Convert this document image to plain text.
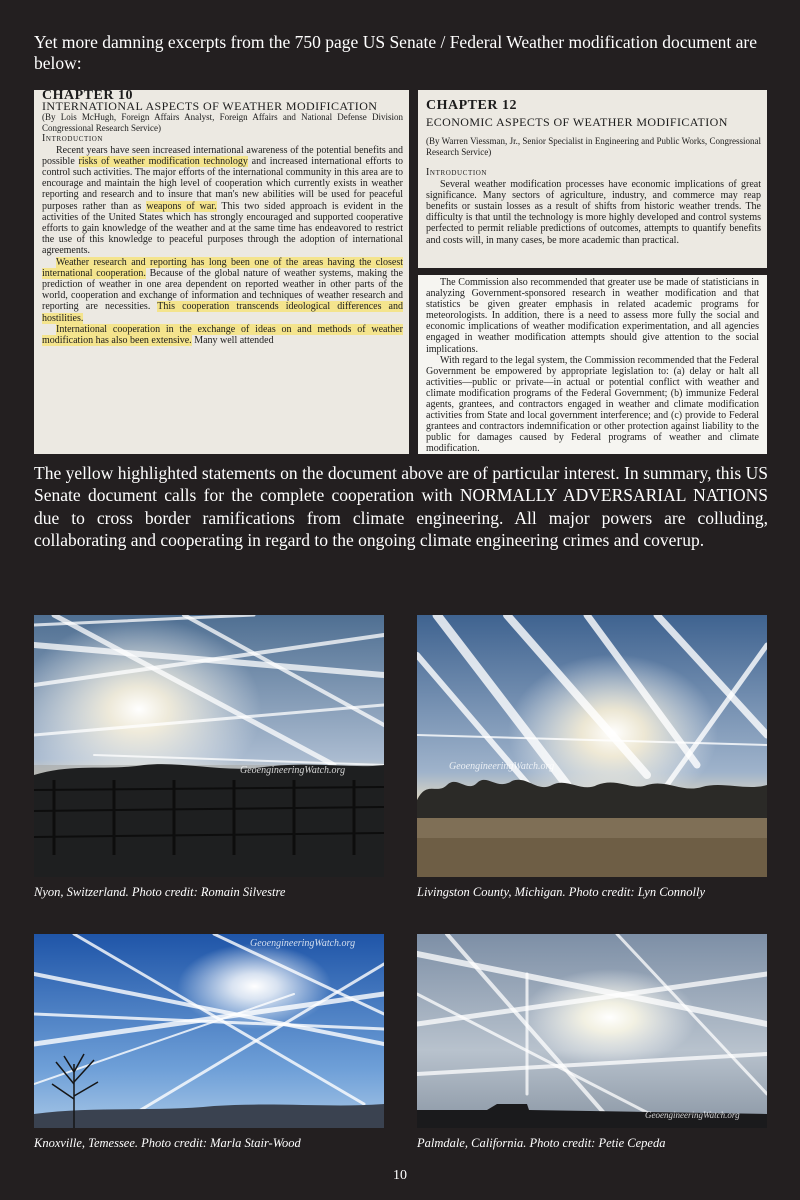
Yet more damning excerpts from the 750 page US Senate / Federal Weather modification document are below:

CHAPTER 10

INTERNATIONAL ASPECTS OF WEATHER MODIFICATION

(By Lois McHugh, Foreign Affairs Analyst, Foreign Affairs and National Defense Division Congressional Research Service)

Introduction

Recent years have seen increased international awareness of the potential benefits and possible risks of weather modification technology and increased international efforts to control such activities. The major efforts of the international community in this area are to encourage and maintain the high level of cooperation which currently exists in weather reporting and research and to insure that man's new abilities will be used for peaceful purposes rather than as weapons of war. This two sided approach is evident in the activities of the United States which has strongly encouraged and supported cooperative efforts to gain knowledge of the weather and at the same time has endeavored to restrict the use of this knowledge to peaceful purposes through the adoption of international agreements.

Weather research and reporting has long been one of the areas having the closest international cooperation. Because of the global nature of weather systems, making the prediction of weather in one area dependent on reported weather in other parts of the world, cooperation and exchange of information and techniques of weather research and reporting are necessities. This cooperation transcends ideological differences and hostilities.

International cooperation in the exchange of ideas on and methods of weather modification has also been extensive. Many well attended

CHAPTER 12

ECONOMIC ASPECTS OF WEATHER MODIFICATION

(By Warren Viessman, Jr., Senior Specialist in Engineering and Public Works, Congressional Research Service)

Introduction

Several weather modification processes have economic implications of great significance. Many sectors of agriculture, industry, and commerce may reap benefits or sustain losses as a result of shifts from historic weather trends. The difficulty is that until the technology is more highly developed and control systems perfected to permit reliable predictions of outcomes, attempts to quantify benefits and costs will, in many cases, be more academic than practical.

The Commission also recommended that greater use be made of statisticians in analyzing Government-sponsored research in weather modification and that statistics be given greater emphasis in related academic programs for meteorologists. In addition, there is a need to assess more fully the social and economic implications of weather modification experimentation, and all agencies engaged in weather modification attempts should give attention to the social implications.

With regard to the legal system, the Commission recommended that the Federal Government be empowered by appropriate legislation to: (a) delay or halt all activities—public or private—in actual or potential conflict with weather and climate modification programs of the Federal Government; (b) immunize Federal agents, grantees, and contractors engaged in weather and climate modification activities from State and local government interference; and (c) provide to Federal grantees and contractors indemnification or other protection against liability to the public for damages caused by Federal programs of weather and climate modification.

The yellow highlighted statements on the document above are of particular interest. In summary, this US Senate document calls for the complete cooperation with NORMALLY ADVERSARIAL NATIONS due to cross border ramifications from climate engineering. All major powers are colluding, collaborating and cooperating in regard to the ongoing climate engineering crimes and coverup.

GeoengineeringWatch.org

Nyon, Switzerland. Photo credit: Romain Silvestre

GeoengineeringWatch.org

Livingston County, Michigan. Photo credit: Lyn Connolly

GeoengineeringWatch.org

Knoxville, Temessee. Photo credit: Marla Stair-Wood

GeoengineeringWatch.org

Palmdale, California. Photo credit: Petie Cepeda

10
